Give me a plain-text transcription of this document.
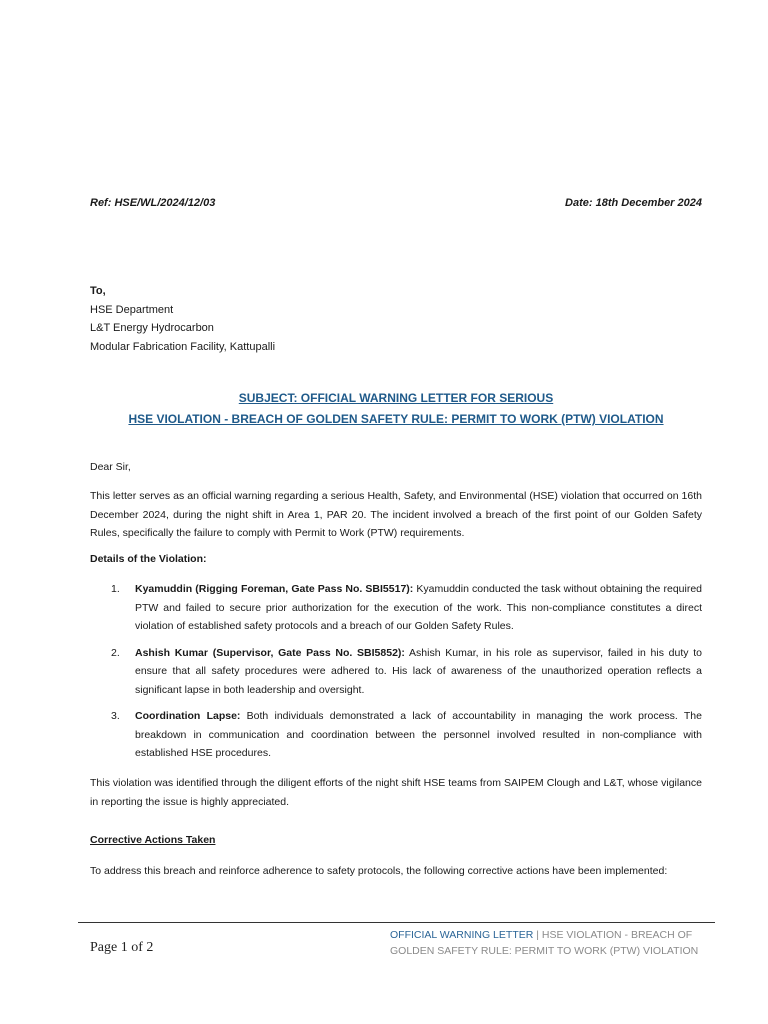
Ref: HSE/WL/2024/12/03	Date: 18th December 2024
To,
HSE Department
L&T Energy Hydrocarbon
Modular Fabrication Facility, Kattupalli
SUBJECT: OFFICIAL WARNING LETTER FOR SERIOUS
HSE VIOLATION - BREACH OF GOLDEN SAFETY RULE: PERMIT TO WORK (PTW) VIOLATION
Dear Sir,
This letter serves as an official warning regarding a serious Health, Safety, and Environmental (HSE) violation that occurred on 16th December 2024, during the night shift in Area 1, PAR 20. The incident involved a breach of the first point of our Golden Safety Rules, specifically the failure to comply with Permit to Work (PTW) requirements.
Details of the Violation:
1. Kyamuddin (Rigging Foreman, Gate Pass No. SBI5517): Kyamuddin conducted the task without obtaining the required PTW and failed to secure prior authorization for the execution of the work. This non-compliance constitutes a direct violation of established safety protocols and a breach of our Golden Safety Rules.
2. Ashish Kumar (Supervisor, Gate Pass No. SBI5852): Ashish Kumar, in his role as supervisor, failed in his duty to ensure that all safety procedures were adhered to. His lack of awareness of the unauthorized operation reflects a significant lapse in both leadership and oversight.
3. Coordination Lapse: Both individuals demonstrated a lack of accountability in managing the work process. The breakdown in communication and coordination between the personnel involved resulted in non-compliance with established HSE procedures.
This violation was identified through the diligent efforts of the night shift HSE teams from SAIPEM Clough and L&T, whose vigilance in reporting the issue is highly appreciated.
Corrective Actions Taken
To address this breach and reinforce adherence to safety protocols, the following corrective actions have been implemented:
Page 1 of 2
OFFICIAL WARNING LETTER | HSE VIOLATION - BREACH OF GOLDEN SAFETY RULE: PERMIT TO WORK (PTW) VIOLATION
